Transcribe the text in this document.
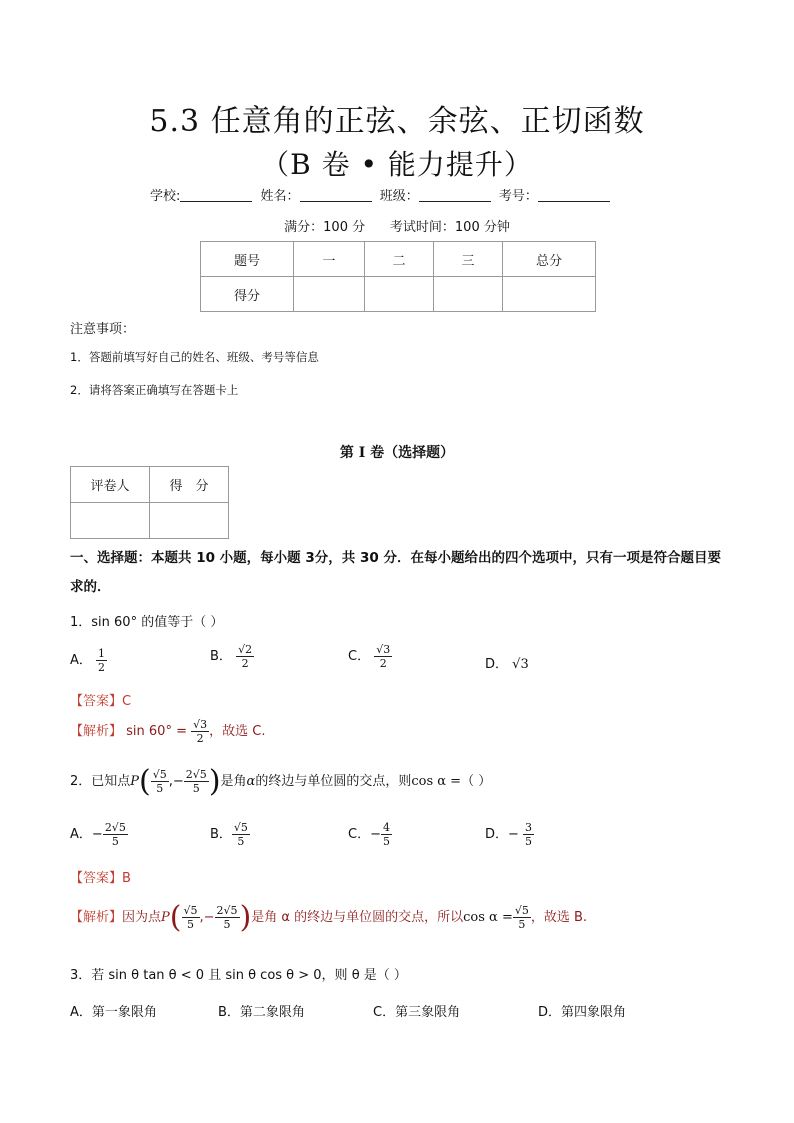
5.3 任意角的正弦、余弦、正切函数
（B 卷 • 能力提升）
学校:	姓名：	班级：	考号：
满分：100 分      考试时间：100 分钟
题号	一	二	三	总分
得分				
注意事项：
1．答题前填写好自己的姓名、班级、考号等信息
2．请将答案正确填写在答题卡上
第 I 卷（选择题）
评卷人	得　分

一、选择题：本题共 10 小题，每小题 3分，共 30 分．在每小题给出的四个选项中，只有一项是符合题目要求的．
1．sin 60° 的值等于（ ）
A． $\frac{1}{2}$	B． $\frac{√2}{2}$	C． $\frac{√3}{2}$	D． √3
【答案】C
【解析】 $\sin 60^\circ = \frac{√3}{2}$ ，故选 C.
2．已知点$P( \frac{√5}{5}$ ,− $\frac{2√5}{5}$ )是角α的终边与单位圆的交点，则cos α =（ ）
A．− $\frac{2√5}{5}$	B． $\frac{√5}{5}$	C．− $\frac{4}{5}$	D．− $\frac{3}{5}$
【答案】B
【解析】因为点$P( \frac{√5}{5}$ ,− $\frac{2√5}{5}$ )是角 α 的终边与单位圆的交点，所以$\cos \alpha = \frac{√5}{5}$ ，故选 B.
3．若 sin θ tan θ < 0 且 sin θ cos θ > 0，则 θ 是（ ）
A．第一象限角	B．第二象限角	C．第三象限角	D．第四象限角
